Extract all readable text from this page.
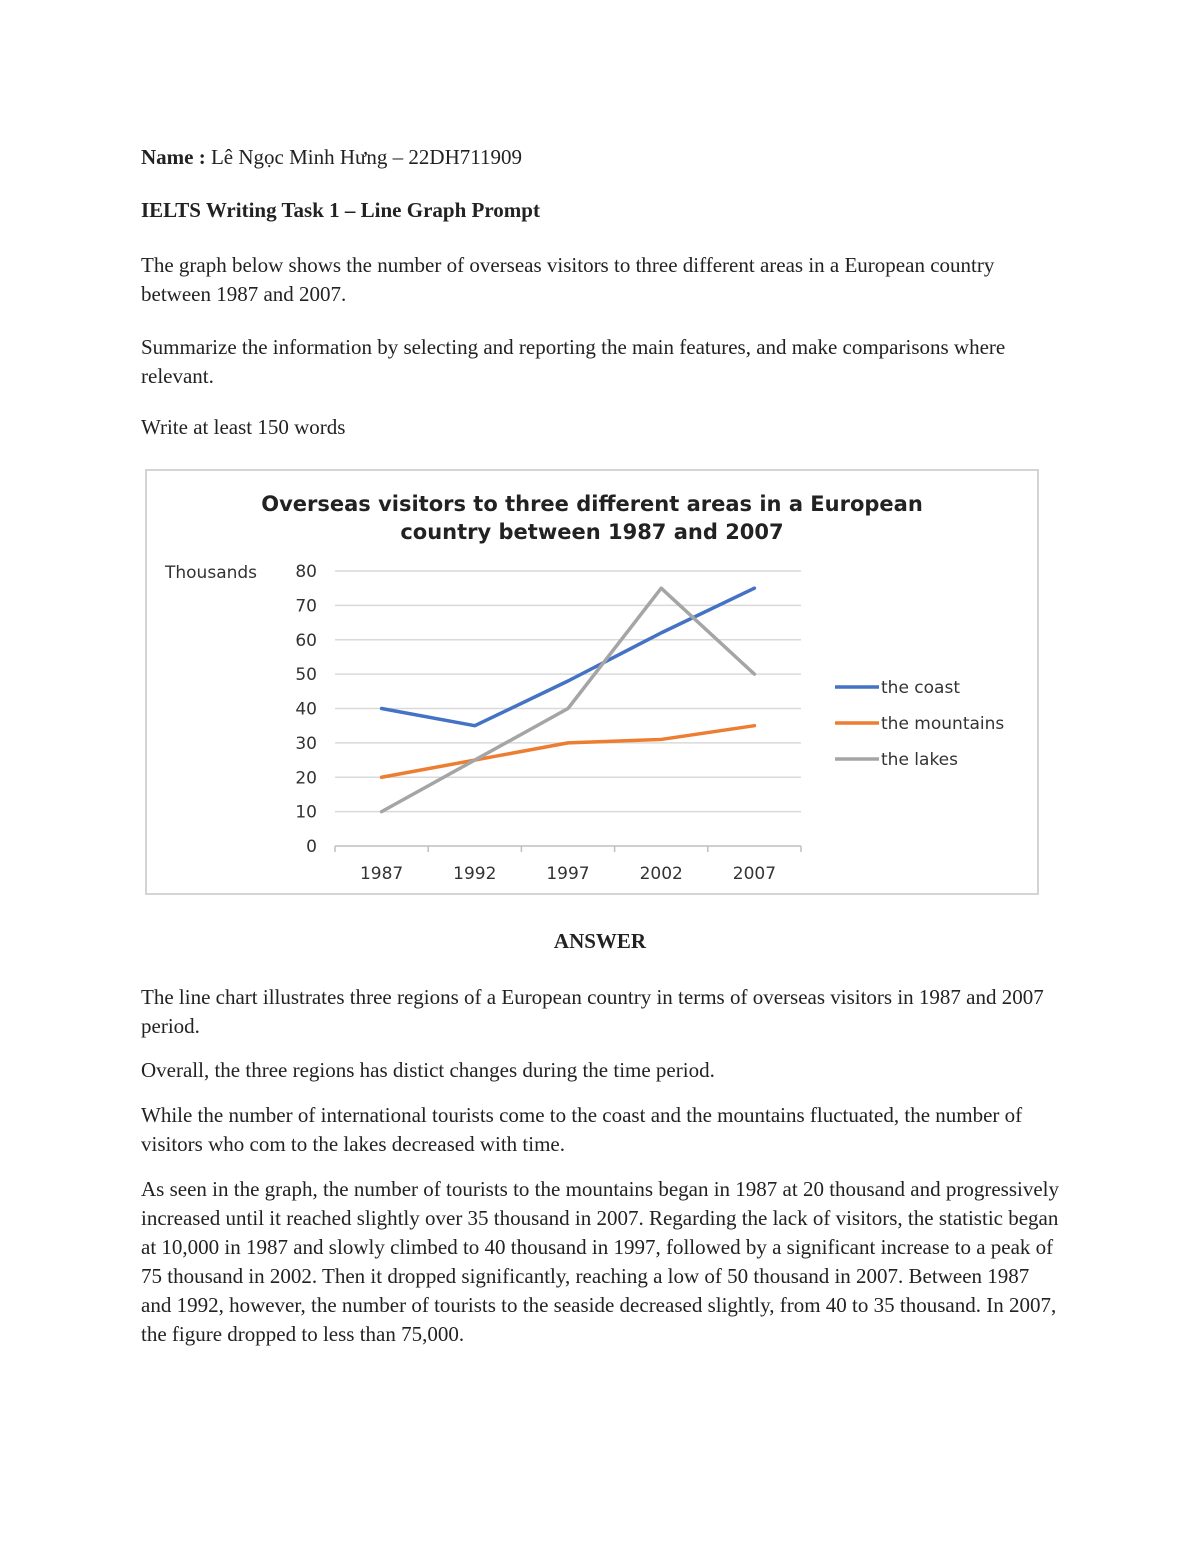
Name : Lê Ngọc Minh Hưng – 22DH711909

IELTS Writing Task 1 – Line Graph Prompt

The graph below shows the number of overseas visitors to three different areas in a European country between 1987 and 2007.

Summarize the information by selecting and reporting the main features, and make comparisons where relevant.

Write at least 150 words

Overseas visitors to three different areas in a European
country between 1987 and 2007
Thousands
0
10
20
30
40
50
60
70
80
1987	1992	1997	2002	2007
the coast
the mountains
the lakes

ANSWER

The line chart illustrates three regions of a European country in terms of overseas visitors in 1987 and 2007 period.

Overall, the three regions has distict changes during the time period.

While the number of international tourists come to the coast and the mountains fluctuated, the number of visitors who com to the lakes decreased with time.

As seen in the graph, the number of tourists to the mountains began in 1987 at 20 thousand and progressively increased until it reached slightly over 35 thousand in 2007. Regarding the lack of visitors, the statistic began at 10,000 in 1987 and slowly climbed to 40 thousand in 1997, followed by a significant increase to a peak of 75 thousand in 2002. Then it dropped significantly, reaching a low of 50 thousand in 2007. Between 1987 and 1992, however, the number of tourists to the seaside decreased slightly, from 40 to 35 thousand. In 2007, the figure dropped to less than 75,000.
